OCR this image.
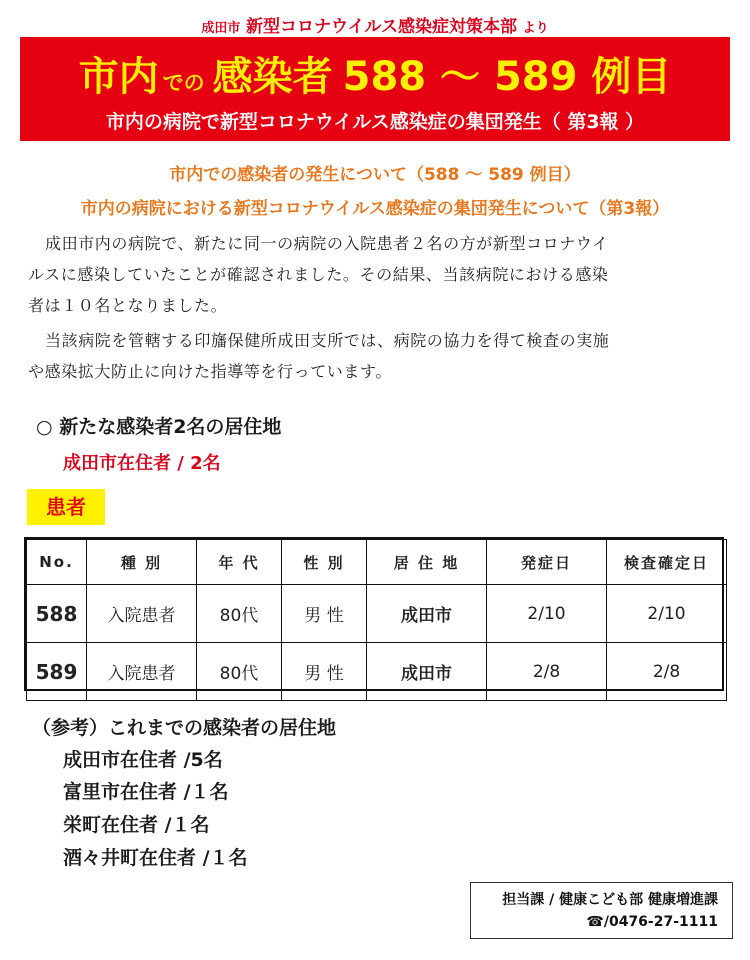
成田市 新型コロナウイルス感染症対策本部 より
市内 での 感染者 588 ～ 589 例目
市内の病院で新型コロナウイルス感染症の集団発生（ 第3報 ）
市内での感染者の発生について（588 ～ 589 例目）
市内の病院における新型コロナウイルス感染症の集団発生について（第3報）
成田市内の病院で、新たに同一の病院の入院患者２名の方が新型コロナウイ
ルスに感染していたことが確認されました。その結果、当該病院における感染
者は１０名となりました。
当該病院を管轄する印旛保健所成田支所では、病院の協力を得て検査の実施
や感染拡大防止に向けた指導等を行っています。
○ 新たな感染者2名の居住地
成田市在住者 / 2名
患者
No.	種 別	年 代	性 別	居 住 地	発症日	検査確定日
588	入院患者	80代	男 性	成田市	2/10	2/10
589	入院患者	80代	男 性	成田市	2/8	2/8
（参考）これまでの感染者の居住地
成田市在住者 /5名
富里市在住者 /１名
栄町在住者 /１名
酒々井町在住者 /１名
担当課 / 健康こども部 健康増進課
☎/0476-27-1111
